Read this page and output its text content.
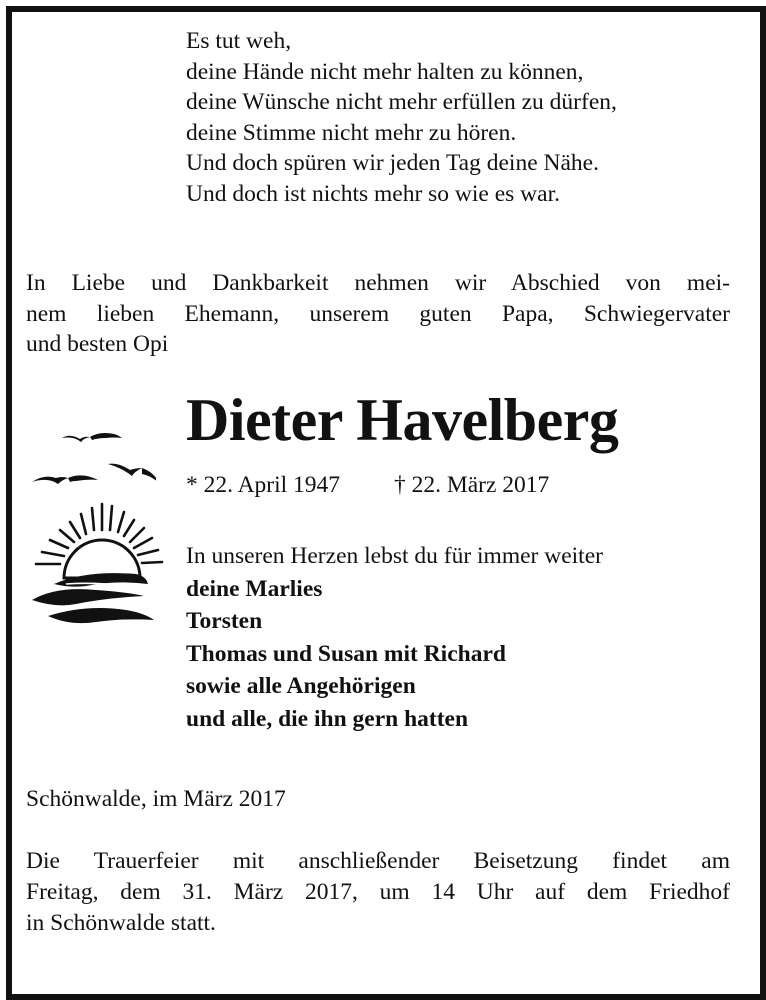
Es tut weh,
deine Hände nicht mehr halten zu können,
deine Wünsche nicht mehr erfüllen zu dürfen,
deine Stimme nicht mehr zu hören.
Und doch spüren wir jeden Tag deine Nähe.
Und doch ist nichts mehr so wie es war.
In Liebe und Dankbarkeit nehmen wir Abschied von mei-
nem lieben Ehemann, unserem guten Papa, Schwiegervater
und besten Opi
Dieter Havelberg
* 22. April 1947 † 22. März 2017
In unseren Herzen lebst du für immer weiter
deine Marlies
Torsten
Thomas und Susan mit Richard
sowie alle Angehörigen
und alle, die ihn gern hatten
Schönwalde, im März 2017
Die Trauerfeier mit anschließender Beisetzung findet am
Freitag, dem 31. März 2017, um 14 Uhr auf dem Friedhof
in Schönwalde statt.
